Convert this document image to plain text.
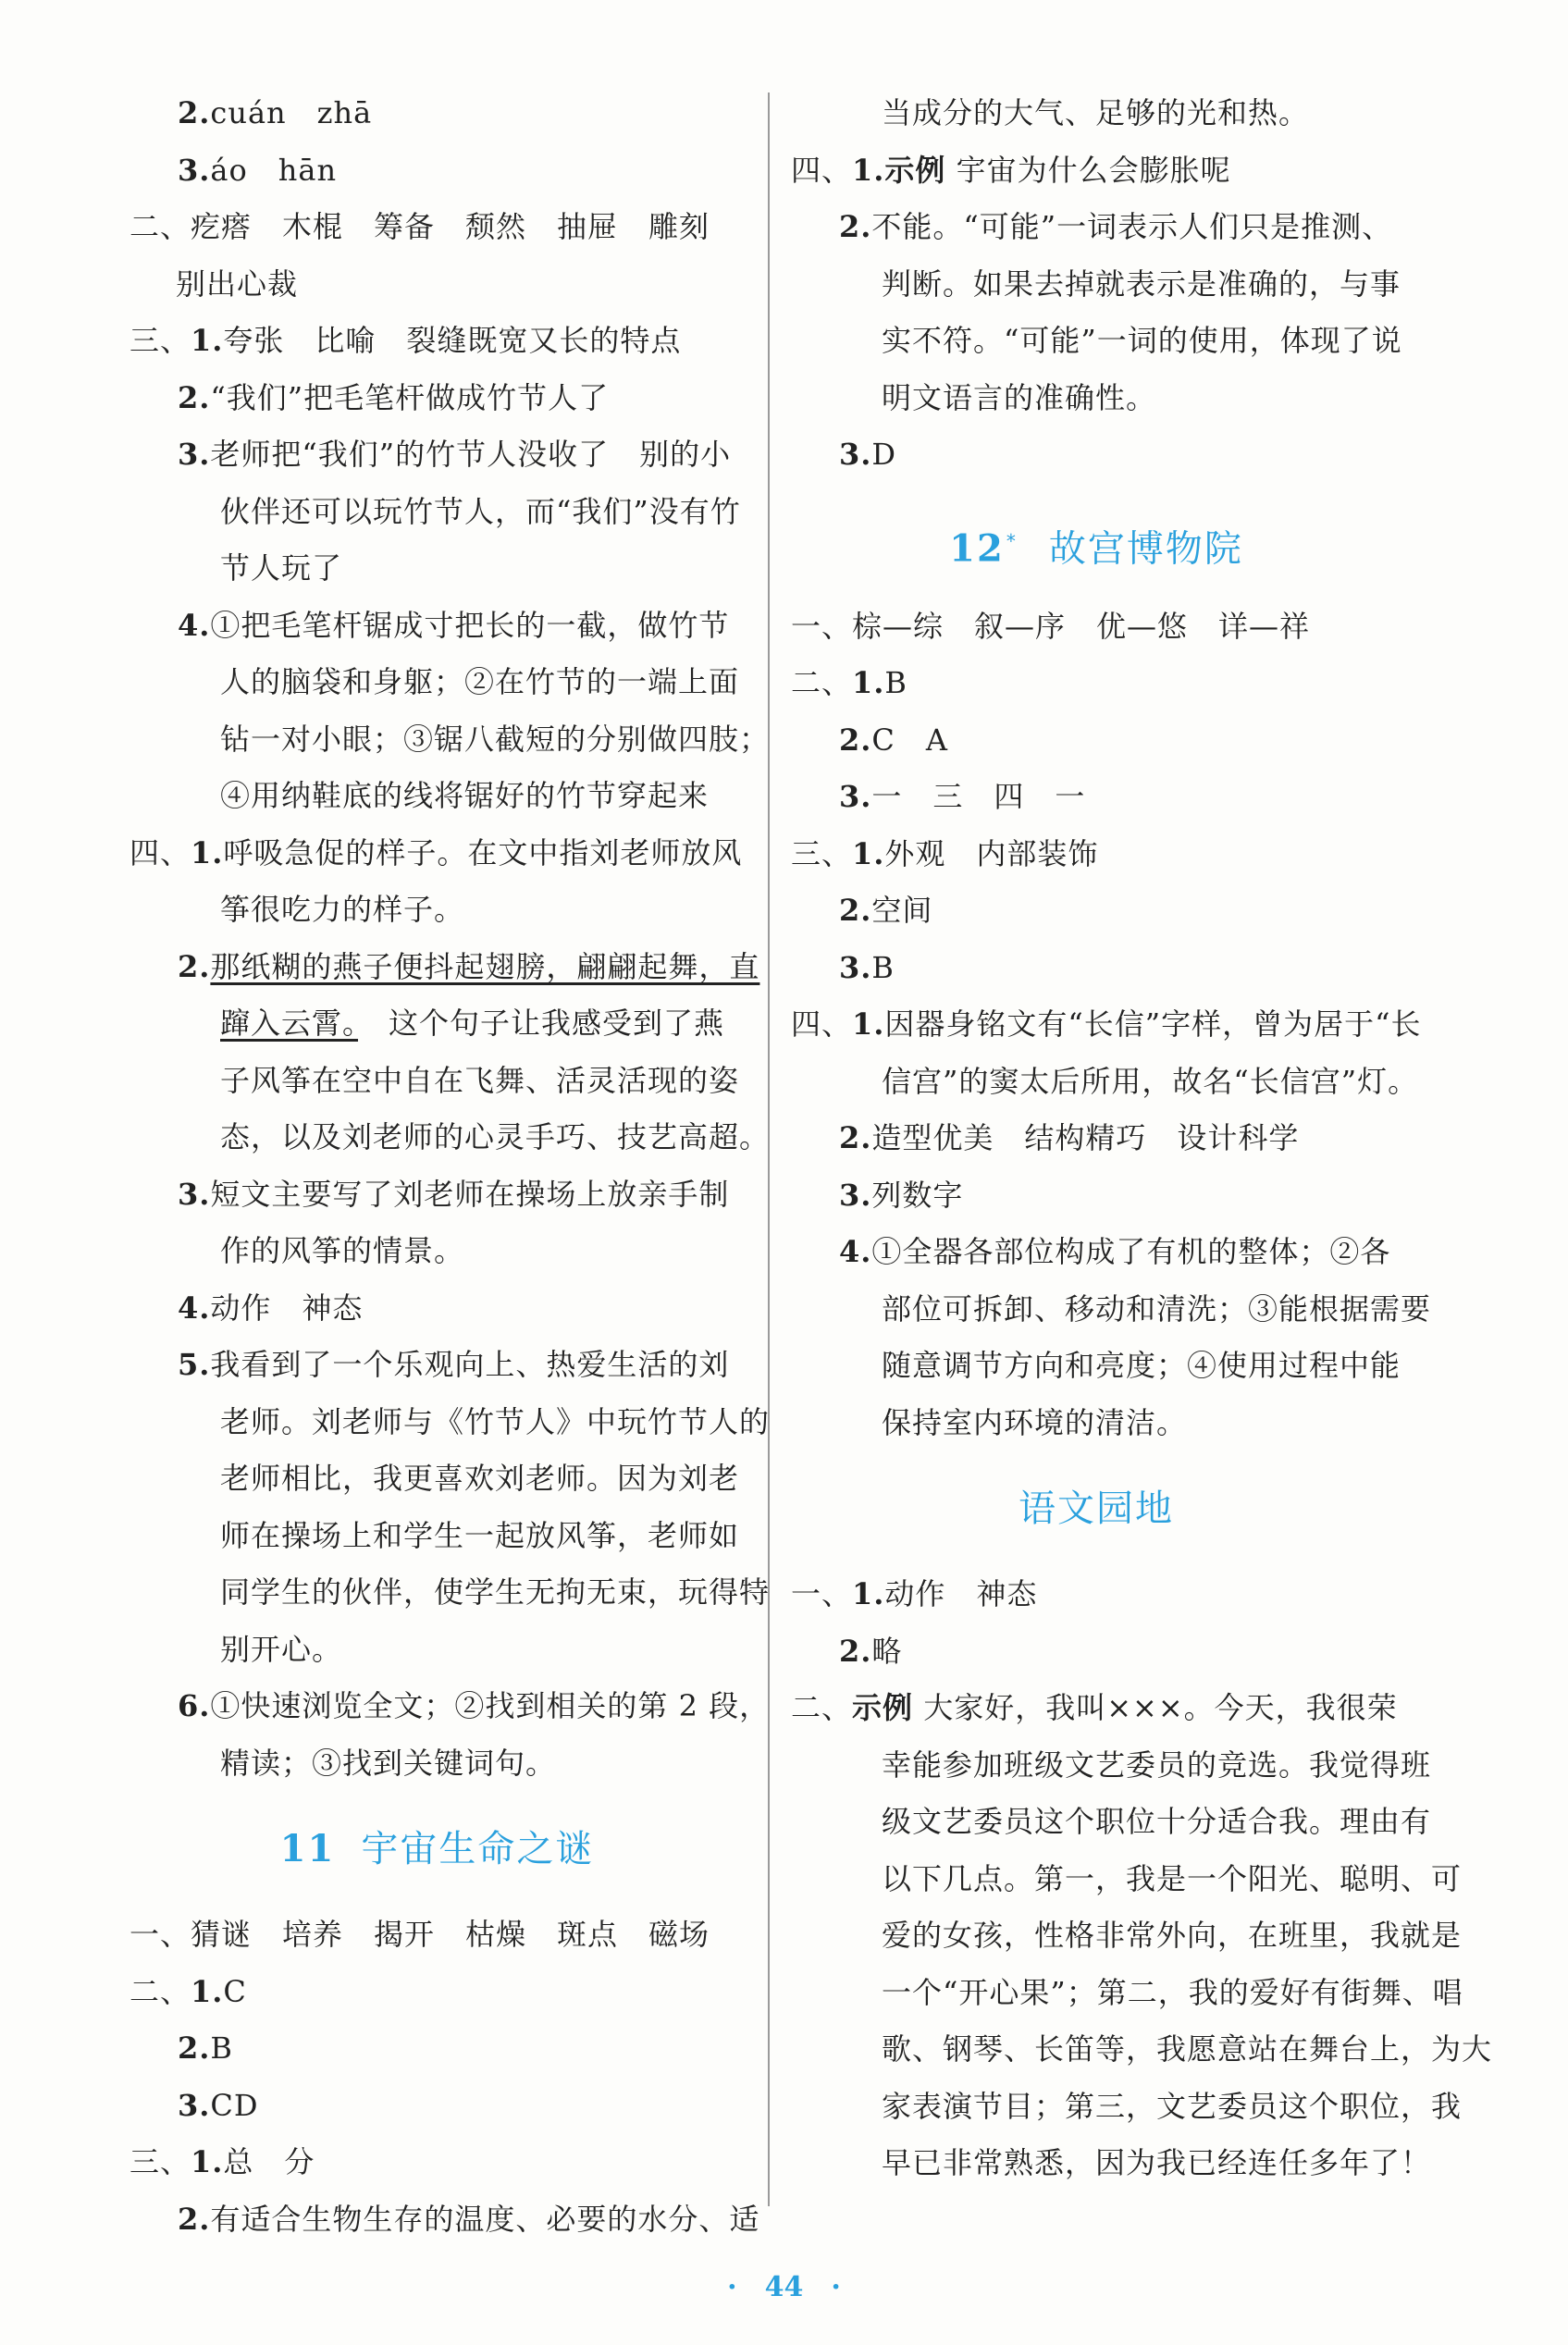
2.cuán　zhā
3.áo　hān
二、疙瘩　木棍　筹备　颓然　抽屉　雕刻
别出心裁
三、1.夸张　比喻　裂缝既宽又长的特点
2.“我们”把毛笔杆做成竹节人了
3.老师把“我们”的竹节人没收了　别的小
伙伴还可以玩竹节人，而“我们”没有竹
节人玩了
4.①把毛笔杆锯成寸把长的一截，做竹节
人的脑袋和身躯；②在竹节的一端上面
钻一对小眼；③锯八截短的分别做四肢；
④用纳鞋底的线将锯好的竹节穿起来
四、1.呼吸急促的样子。在文中指刘老师放风
筝很吃力的样子。
2.那纸糊的燕子便抖起翅膀，翩翩起舞，直
蹿入云霄。　这个句子让我感受到了燕
子风筝在空中自在飞舞、活灵活现的姿
态，以及刘老师的心灵手巧、技艺高超。
3.短文主要写了刘老师在操场上放亲手制
作的风筝的情景。
4.动作　神态
5.我看到了一个乐观向上、热爱生活的刘
老师。刘老师与《竹节人》中玩竹节人的
老师相比，我更喜欢刘老师。因为刘老
师在操场上和学生一起放风筝，老师如
同学生的伙伴，使学生无拘无束，玩得特
别开心。
6.①快速浏览全文；②找到相关的第 2 段，
精读；③找到关键词句。
11 宇宙生命之谜
一、猜谜　培养　揭开　枯燥　斑点　磁场
二、1.C
2.B
3.CD
三、1.总　分
2.有适合生物生存的温度、必要的水分、适
当成分的大气、足够的光和热。
四、1.示例 宇宙为什么会膨胀呢
2.不能。“可能”一词表示人们只是推测、
判断。如果去掉就表示是准确的，与事
实不符。“可能”一词的使用，体现了说
明文语言的准确性。
3.D
12 * 故宫博物院
一、棕—综　叙—序　优—悠　详—祥
二、1.B
2.C　A
3.一　三　四　一
三、1.外观　内部装饰
2.空间
3.B
四、1.因器身铭文有“长信”字样，曾为居于“长
信宫”的窦太后所用，故名“长信宫”灯。
2.造型优美　结构精巧　设计科学
3.列数字
4.①全器各部位构成了有机的整体；②各
部位可拆卸、移动和清洗；③能根据需要
随意调节方向和亮度；④使用过程中能
保持室内环境的清洁。
语文园地
一、1.动作　神态
2.略
二、示例 大家好，我叫×××。今天，我很荣
幸能参加班级文艺委员的竞选。我觉得班
级文艺委员这个职位十分适合我。理由有
以下几点。第一，我是一个阳光、聪明、可
爱的女孩，性格非常外向，在班里，我就是
一个“开心果”；第二，我的爱好有街舞、唱
歌、钢琴、长笛等，我愿意站在舞台上，为大
家表演节目；第三，文艺委员这个职位，我
早已非常熟悉，因为我已经连任多年了！
· 44 ·
